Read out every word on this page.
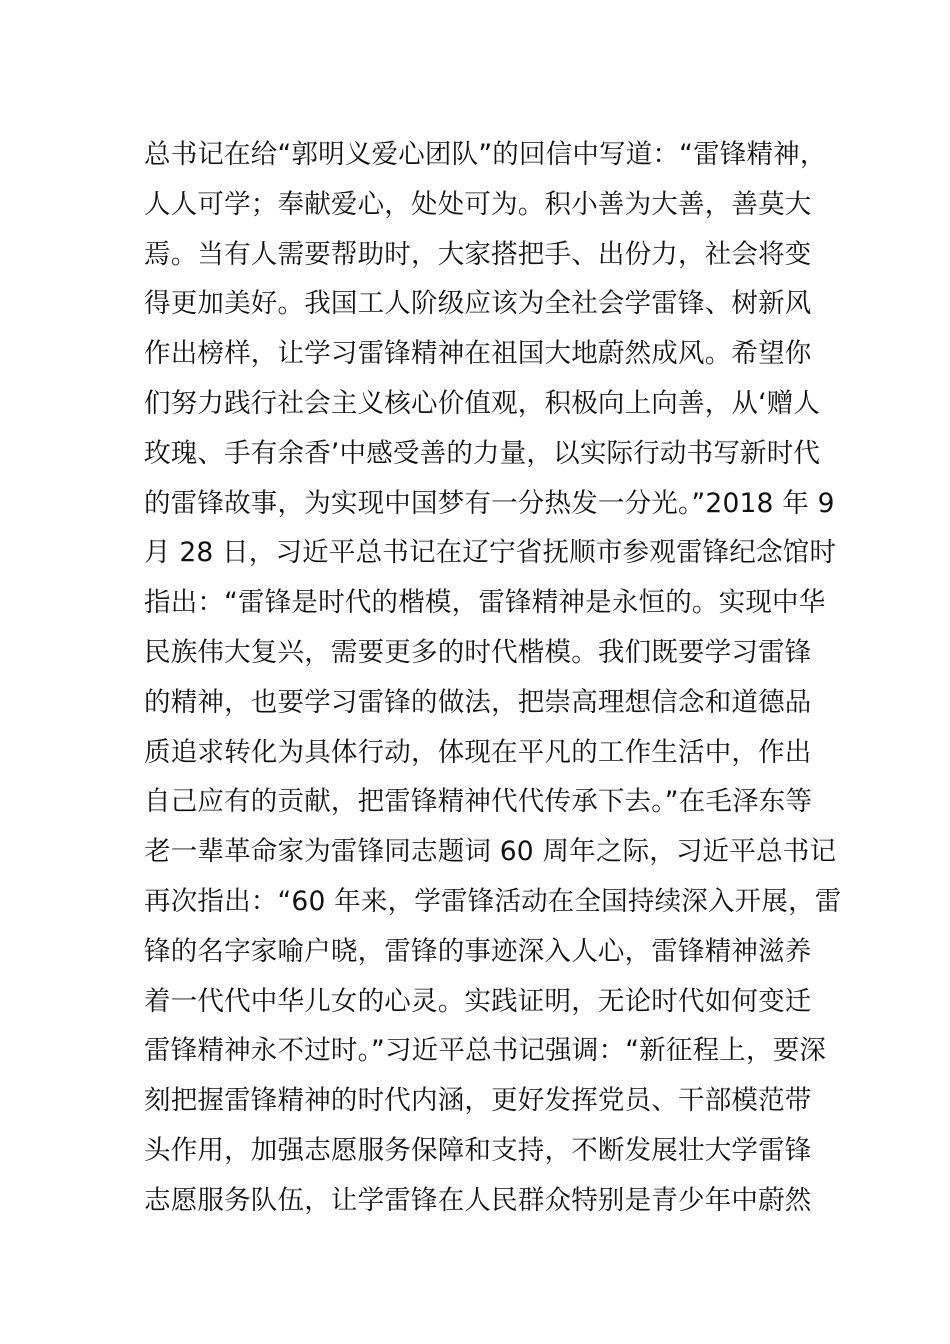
总书记在给“郭明义爱心团队”的回信中写道：“雷锋精神，
人人可学；奉献爱心，处处可为。积小善为大善，善莫大
焉。当有人需要帮助时，大家搭把手、出份力，社会将变
得更加美好。我国工人阶级应该为全社会学雷锋、树新风
作出榜样，让学习雷锋精神在祖国大地蔚然成风。希望你
们努力践行社会主义核心价值观，积极向上向善，从‘赠人
玫瑰、手有余香’中感受善的力量，以实际行动书写新时代
的雷锋故事，为实现中国梦有一分热发一分光。”2018 年 9
月 28 日，习近平总书记在辽宁省抚顺市参观雷锋纪念馆时
指出：“雷锋是时代的楷模，雷锋精神是永恒的。实现中华
民族伟大复兴，需要更多的时代楷模。我们既要学习雷锋
的精神，也要学习雷锋的做法，把崇高理想信念和道德品
质追求转化为具体行动，体现在平凡的工作生活中，作出
自己应有的贡献，把雷锋精神代代传承下去。”在毛泽东等
老一辈革命家为雷锋同志题词 60 周年之际，习近平总书记
再次指出：“60 年来，学雷锋活动在全国持续深入开展，雷
锋的名字家喻户晓，雷锋的事迹深入人心，雷锋精神滋养
着一代代中华儿女的心灵。实践证明，无论时代如何变迁
雷锋精神永不过时。”习近平总书记强调：“新征程上，要深
刻把握雷锋精神的时代内涵，更好发挥党员、干部模范带
头作用，加强志愿服务保障和支持，不断发展壮大学雷锋
志愿服务队伍，让学雷锋在人民群众特别是青少年中蔚然
